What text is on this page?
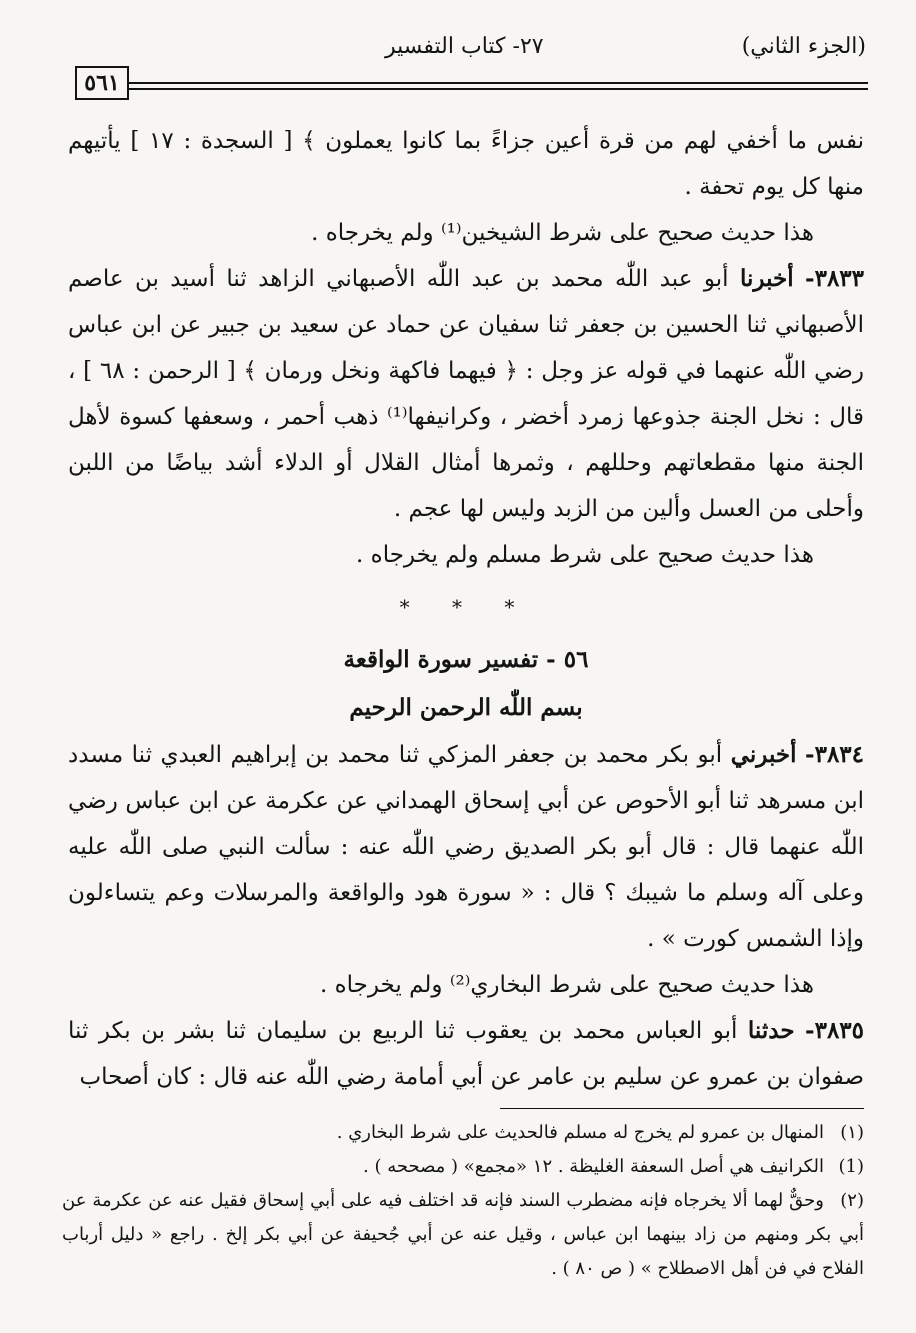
(الجزء الثاني)
٢٧- كتاب التفسير
٥٦١

نفس ما أخفي لهم من قرة أعين جزاءً بما كانوا يعملون ﴾ [ السجدة : ١٧ ] يأتيهم منها كل يوم تحفة .

هذا حديث صحيح على شرط الشيخين⁽¹⁾ ولم يخرجاه .

٣٨٣٣- أخبرنا أبو عبد اللّٰه محمد بن عبد اللّٰه الأصبهاني الزاهد ثنا أسيد بن عاصم الأصبهاني ثنا الحسين بن جعفر ثنا سفيان عن حماد عن سعيد بن جبير عن ابن عباس رضي اللّٰه عنهما في قوله عز وجل : ﴿ فيهما فاكهة ونخل ورمان ﴾ [ الرحمن : ٦٨ ] ، قال : نخل الجنة جذوعها زمرد أخضر ، وكرانيفها⁽¹⁾ ذهب أحمر ، وسعفها كسوة لأهل الجنة منها مقطعاتهم وحللهم ، وثمرها أمثال القلال أو الدلاء أشد بياضًا من اللبن وأحلى من العسل وألين من الزبد وليس لها عجم .

هذا حديث صحيح على شرط مسلم ولم يخرجاه .

* * *

٥٦ - تفسير سورة الواقعة

بسم اللّٰه الرحمن الرحيم

٣٨٣٤- أخبرني أبو بكر محمد بن جعفر المزكي ثنا محمد بن إبراهيم العبدي ثنا مسدد ابن مسرهد ثنا أبو الأحوص عن أبي إسحاق الهمداني عن عكرمة عن ابن عباس رضي اللّٰه عنهما قال : قال أبو بكر الصديق رضي اللّٰه عنه : سألت النبي صلى اللّٰه عليه وعلى آله وسلم ما شيبك ؟ قال : « سورة هود والواقعة والمرسلات وعم يتساءلون وإذا الشمس كورت » .

هذا حديث صحيح على شرط البخاري⁽²⁾ ولم يخرجاه .

٣٨٣٥- حدثنا أبو العباس محمد بن يعقوب ثنا الربيع بن سليمان ثنا بشر بن بكر ثنا صفوان بن عمرو عن سليم بن عامر عن أبي أمامة رضي اللّٰه عنه قال : كان أصحاب

(١)المنهال بن عمرو لم يخرج له مسلم فالحديث على شرط البخاري .

(1)الكرانيف هي أصل السعفة الغليظة . ١٢ «مجمع» ( مصححه ) .

(٢)وحقٌّ لهما ألا يخرجاه فإنه مضطرب السند فإنه قد اختلف فيه على أبي إسحاق فقيل عنه عن عكرمة عن أبي بكر ومنهم من زاد بينهما ابن عباس ، وقيل عنه عن أبي جُحيفة عن أبي بكر إلخ . راجع « دليل أرباب الفلاح في فن أهل الاصطلاح » ( ص ٨٠ ) .
